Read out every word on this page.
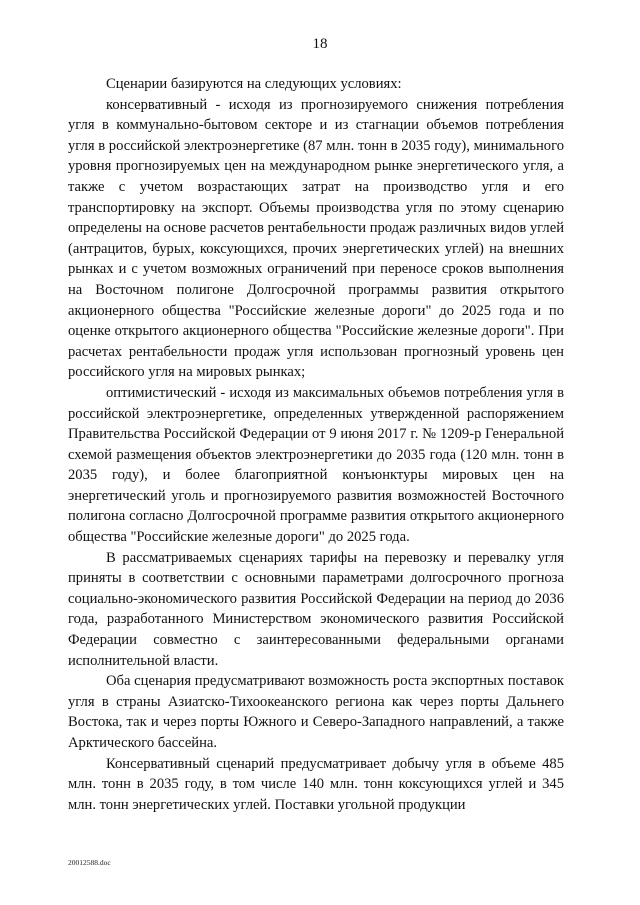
18

Сценарии базируются на следующих условиях:

консервативный - исходя из прогнозируемого снижения потребления угля в коммунально-бытовом секторе и из стагнации объемов потребления угля в российской электроэнергетике (87 млн. тонн в 2035 году), минимального уровня прогнозируемых цен на международном рынке энергетического угля, а также с учетом возрастающих затрат на производство угля и его транспортировку на экспорт. Объемы производства угля по этому сценарию определены на основе расчетов рентабельности продаж различных видов углей (антрацитов, бурых, коксующихся, прочих энергетических углей) на внешних рынках и с учетом возможных ограничений при переносе сроков выполнения на Восточном полигоне Долгосрочной программы развития открытого акционерного общества "Российские железные дороги" до 2025 года и по оценке открытого акционерного общества "Российские железные дороги". При расчетах рентабельности продаж угля использован прогнозный уровень цен российского угля на мировых рынках;

оптимистический - исходя из максимальных объемов потребления угля в российской электроэнергетике, определенных утвержденной распоряжением Правительства Российской Федерации от 9 июня 2017 г. № 1209-р Генеральной схемой размещения объектов электроэнергетики до 2035 года (120 млн. тонн в 2035 году), и более благоприятной конъюнктуры мировых цен на энергетический уголь и прогнозируемого развития возможностей Восточного полигона согласно Долгосрочной программе развития открытого акционерного общества "Российские железные дороги" до 2025 года.

В рассматриваемых сценариях тарифы на перевозку и перевалку угля приняты в соответствии с основными параметрами долгосрочного прогноза социально-экономического развития Российской Федерации на период до 2036 года, разработанного Министерством экономического развития Российской Федерации совместно с заинтересованными федеральными органами исполнительной власти.

Оба сценария предусматривают возможность роста экспортных поставок угля в страны Азиатско-Тихоокеанского региона как через порты Дальнего Востока, так и через порты Южного и Северо-Западного направлений, а также Арктического бассейна.

Консервативный сценарий предусматривает добычу угля в объеме 485 млн. тонн в 2035 году, в том числе 140 млн. тонн коксующихся углей и 345 млн. тонн энергетических углей. Поставки угольной продукции

20012588.doc
